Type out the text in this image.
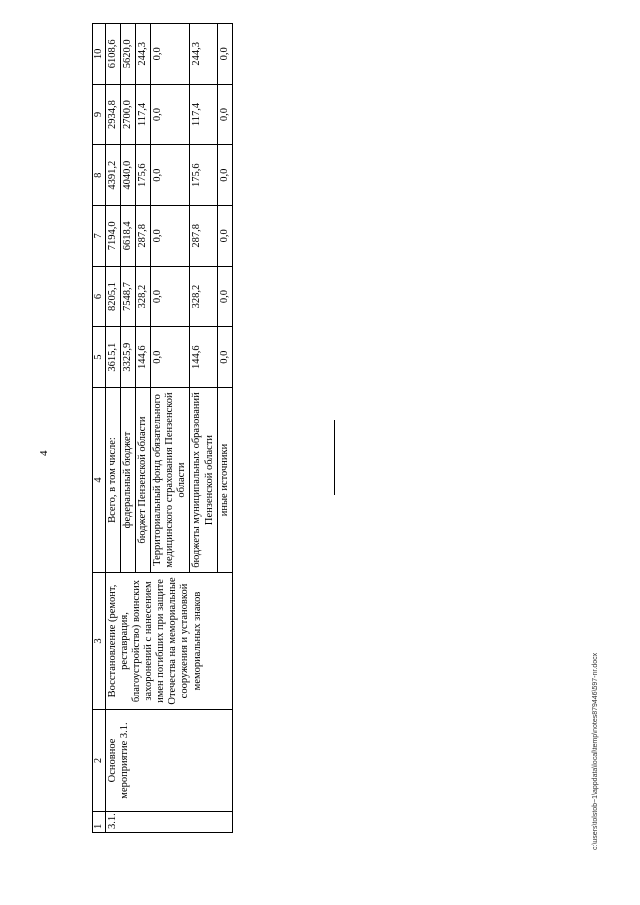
4
1	2	3	4	5	6	7	8	9	10
3.1.	Основное мероприятие 3.1.	Восстановление (ремонт, реставрация, благоустройство) воинских захоронений с нанесением имен погибших при защите Отечества на мемориальные сооружения и установкой мемориальных знаков	Всего, в том числе:	3615,1	8205,1	7194,0	4391,2	2934,8	6108,6
			федеральный бюджет	3325,9	7548,7	6618,4	4040,0	2700,0	5620,0
			бюджет Пензенской области	144,6	328,2	287,8	175,6	117,4	244,3
			Территориальный фонд обязательного медицинского страхования Пензенской области	0,0	0,0	0,0	0,0	0,0	0,0
			бюджеты муниципальных образований Пензенской области	144,6	328,2	287,8	175,6	117,4	244,3
			иные источники	0,0	0,0	0,0	0,0	0,0	0,0
c:\users\tolstob~1\appdata\local\temp\notes879446\597-nr.docx
